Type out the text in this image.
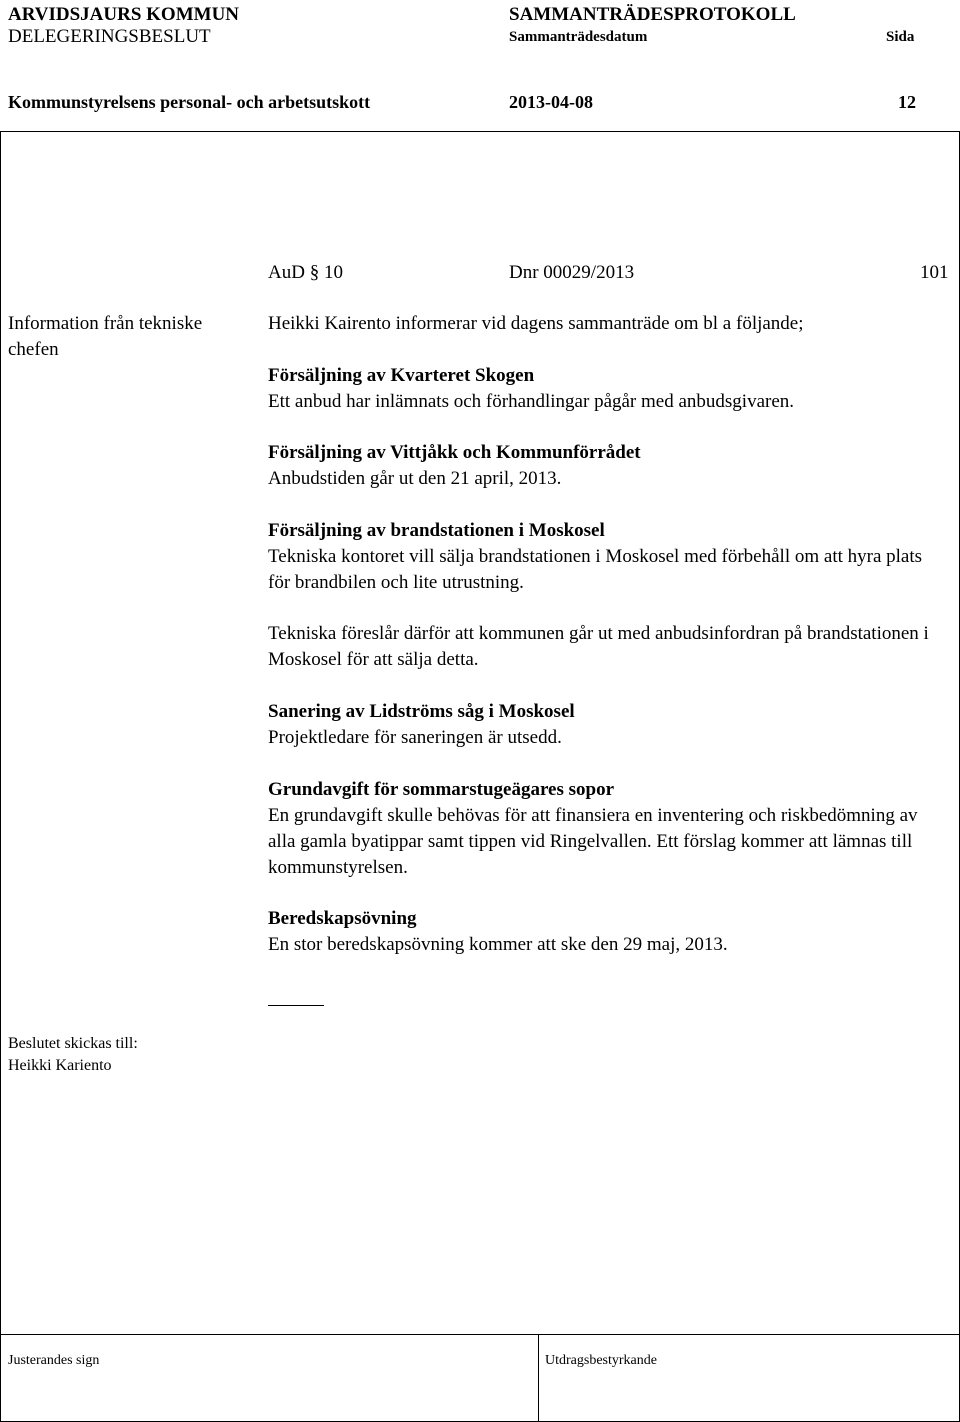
ARVIDSJAURS KOMMUN
DELEGERINGSBESLUT
SAMMANTRÄDESPROTOKOLL
Sammanträdesdatum	Sida
Kommunstyrelsens personal- och arbetsutskott	2013-04-08	12
AuD § 10	Dnr 00029/2013	101
Information från tekniske chefen
Heikki Kairento informerar vid dagens sammanträde om bl a följande;
Försäljning av Kvarteret Skogen
Ett anbud har inlämnats och förhandlingar pågår med anbudsgivaren.
Försäljning av Vittjåkk och Kommunförrådet
Anbudstiden går ut den 21 april, 2013.
Försäljning av brandstationen i Moskosel
Tekniska kontoret vill sälja brandstationen i Moskosel med förbehåll om att hyra plats för brandbilen och lite utrustning.
Tekniska föreslår därför att kommunen går ut med anbudsinfordran på brandstationen i Moskosel för att sälja detta.
Sanering av Lidströms såg i Moskosel
Projektledare för saneringen är utsedd.
Grundavgift för sommarstugeägares sopor
En grundavgift skulle behövas för att finansiera en inventering och riskbedömning av alla gamla byatippar samt tippen vid Ringelvallen. Ett förslag kommer att lämnas till kommunstyrelsen.
Beredskapsövning
En stor beredskapsövning kommer att ske den 29 maj, 2013.
Beslutet skickas till:
Heikki Kariento
Justerandes sign	Utdragsbestyrkande
